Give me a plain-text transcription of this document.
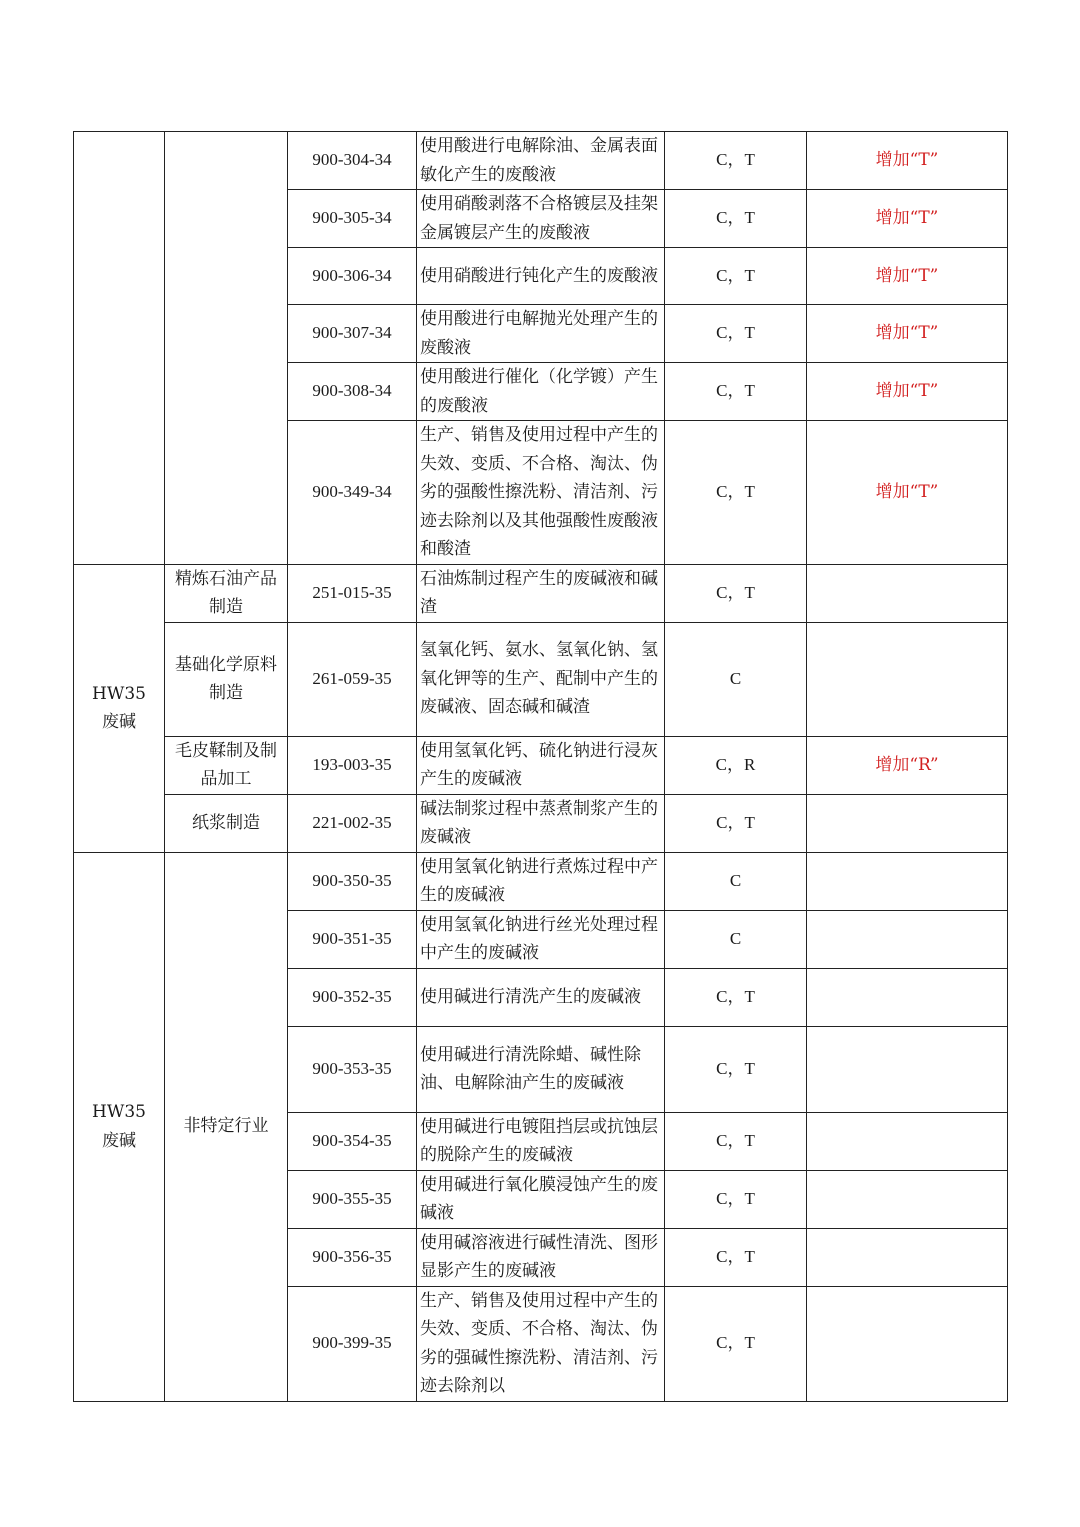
		900-304-34	使用酸进行电解除油、金属表面敏化产生的废酸液	C，T	增加“T”
		900-305-34	使用硝酸剥落不合格镀层及挂架金属镀层产生的废酸液	C，T	增加“T”
		900-306-34	使用硝酸进行钝化产生的废酸液	C，T	增加“T”
		900-307-34	使用酸进行电解抛光处理产生的废酸液	C，T	增加“T”
		900-308-34	使用酸进行催化（化学镀）产生的废酸液	C，T	增加“T”
		900-349-34	生产、销售及使用过程中产生的失效、变质、不合格、淘汰、伪劣的强酸性擦洗粉、清洁剂、污迹去除剂以及其他强酸性废酸液和酸渣	C，T	增加“T”
HW35
废碱	精炼石油产品制造	251-015-35	石油炼制过程产生的废碱液和碱渣	C，T	
	基础化学原料制造	261-059-35	氢氧化钙、氨水、氢氧化钠、氢氧化钾等的生产、配制中产生的废碱液、固态碱和碱渣	C	
	毛皮鞣制及制品加工	193-003-35	使用氢氧化钙、硫化钠进行浸灰产生的废碱液	C，R	增加“R”
	纸浆制造	221-002-35	碱法制浆过程中蒸煮制浆产生的废碱液	C，T	
HW35
废碱	非特定行业	900-350-35	使用氢氧化钠进行煮炼过程中产生的废碱液	C	
		900-351-35	使用氢氧化钠进行丝光处理过程中产生的废碱液	C	
		900-352-35	使用碱进行清洗产生的废碱液	C，T	
		900-353-35	使用碱进行清洗除蜡、碱性除油、电解除油产生的废碱液	C，T	
		900-354-35	使用碱进行电镀阻挡层或抗蚀层的脱除产生的废碱液	C，T	
		900-355-35	使用碱进行氧化膜浸蚀产生的废碱液	C，T	
		900-356-35	使用碱溶液进行碱性清洗、图形显影产生的废碱液	C，T	
		900-399-35	生产、销售及使用过程中产生的失效、变质、不合格、淘汰、伪劣的强碱性擦洗粉、清洁剂、污迹去除剂以	C，T	
